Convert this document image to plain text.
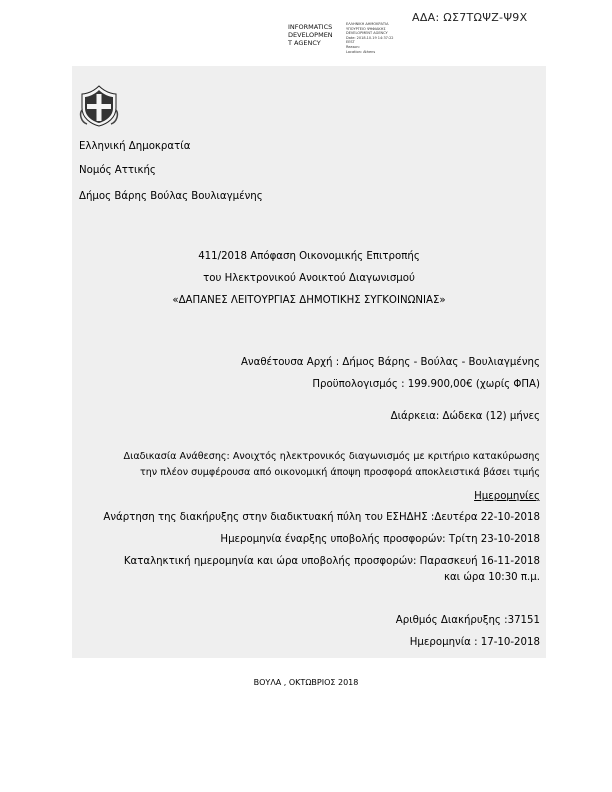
ΑΔΑ: ΩΣ7ΤΩΨΖ-Ψ9Χ
INFORMATICS
DEVELOPMEN
T AGENCY
ΕΛΛΗΝΙΚΗ ΔΗΜΟΚΡΑΤΙΑ
ΥΠΟΥΡΓΕΙΟ ΨΗΦΙΑΚΗΣ
DEVELOPMENT AGENCY
Date: 2018.10.19 14:37:22
EEST
Reason:
Location: Athens
Ελληνική Δημοκρατία
Νομός Αττικής
Δήμος Βάρης Βούλας Βουλιαγμένης
411/2018 Απόφαση Οικονομικής Επιτροπής
του Ηλεκτρονικού Ανοικτού Διαγωνισμού
«ΔΑΠΑΝΕΣ ΛΕΙΤΟΥΡΓΙΑΣ ΔΗΜΟΤΙΚΗΣ ΣΥΓΚΟΙΝΩΝΙΑΣ»
Αναθέτουσα Αρχή : Δήμος Βάρης - Βούλας - Βουλιαγμένης
Προϋπολογισμός : 199.900,00€ (χωρίς ΦΠΑ)
Διάρκεια: Δώδεκα (12) μήνες
Διαδικασία Ανάθεσης: Ανοιχτός ηλεκτρονικός διαγωνισμός με κριτήριο κατακύρωσης
την πλέον συμφέρουσα από οικονομική άποψη προσφορά αποκλειστικά βάσει τιμής
Ημερομηνίες
Ανάρτηση της διακήρυξης στην διαδικτυακή πύλη του ΕΣΗΔΗΣ :Δευτέρα 22-10-2018
Ημερομηνία έναρξης υποβολής προσφορών: Τρίτη 23-10-2018
Καταληκτική ημερομηνία και ώρα υποβολής προσφορών: Παρασκευή 16-11-2018
και ώρα 10:30 π.μ.
Αριθμός Διακήρυξης :37151
Ημερομηνία : 17-10-2018
ΒΟΥΛΑ , ΟΚΤΩΒΡΙΟΣ 2018
